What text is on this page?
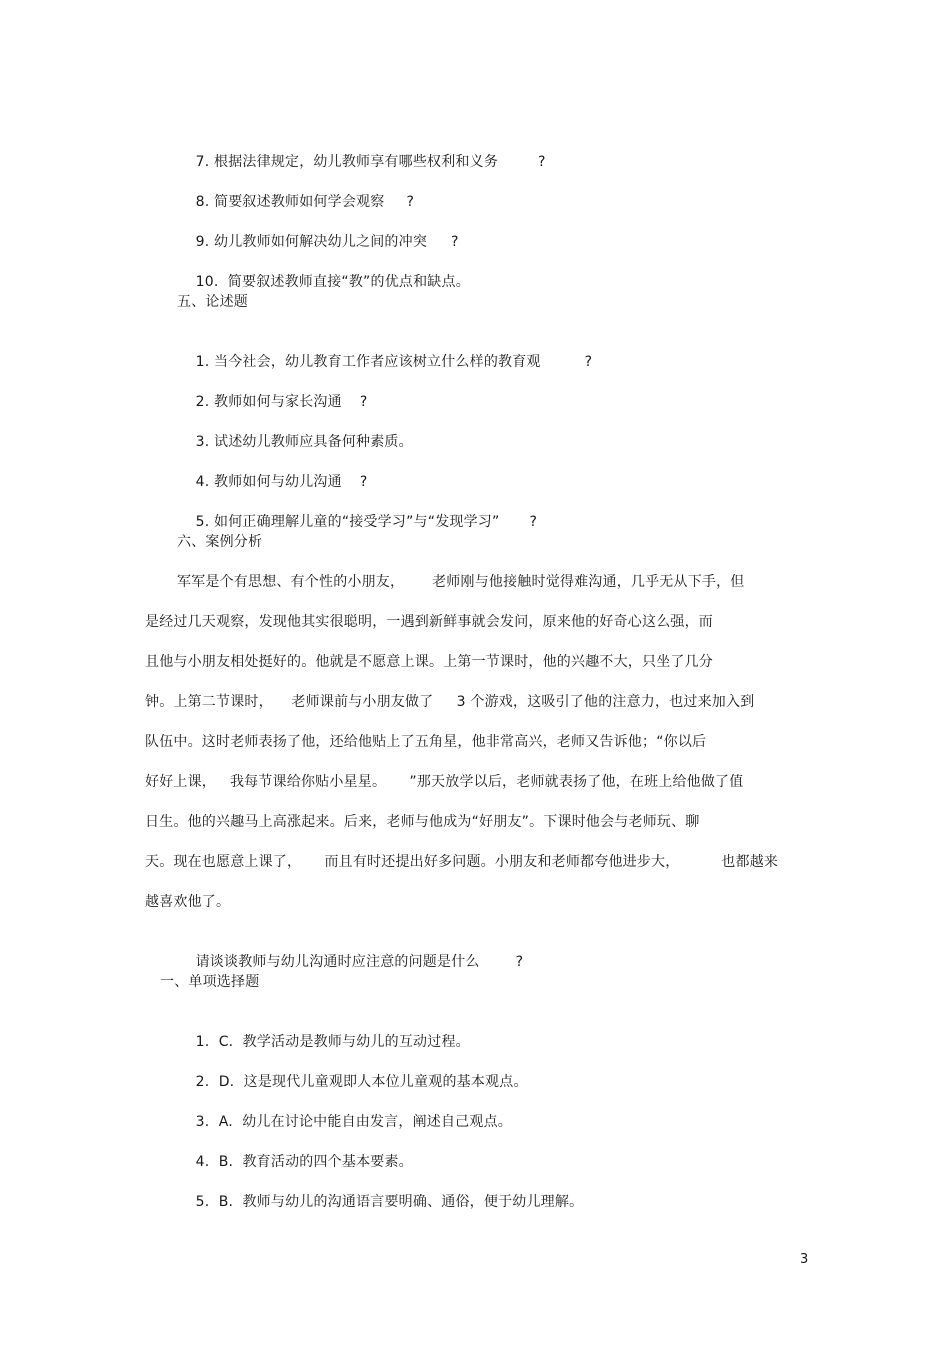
7. 根据法律规定，幼儿教师享有哪些权利和义务	?

8. 简要叙述教师如何学会观察 ?

9. 幼儿教师如何解决幼儿之间的冲突 ?

10. 简要叙述教师直接“教”的优点和缺点。

五、论述题

1. 当今社会，幼儿教育工作者应该树立什么样的教育观	?

2. 教师如何与家长沟通 ?

3. 试述幼儿教师应具备何种素质。

4. 教师如何与幼儿沟通 ?

5. 如何正确理解儿童的“接受学习”与“发现学习” ?

六、案例分析
军军是个有思想、有个性的小朋友，      老师刚与他接触时觉得难沟通，几乎无从下手，但
是经过几天观察，发现他其实很聪明，一遇到新鲜事就会发问，原来他的好奇心这么强，而
且他与小朋友相处挺好的。他就是不愿意上课。上第一节课时，他的兴趣不大，只坐了几分
钟。上第二节课时，    老师课前与小朋友做了     3 个游戏，这吸引了他的注意力，也过来加入到
队伍中。这时老师表扬了他，还给他贴上了五角星，他非常高兴，老师又告诉他；“你以后
好好上课，   我每节课给你贴小星星。     ”那天放学以后，老师就表扬了他，在班上给他做了值
日生。他的兴趣马上高涨起来。后来，老师与他成为“好朋友”。下课时他会与老师玩、聊
天。现在也愿意上课了，     而且有时还提出好多问题。小朋友和老师都夸他进步大，         也都越来
越喜欢他了。

请谈谈教师与幼儿沟通时应注意的问题是什么	?

一、单项选择题

1. C. 教学活动是教师与幼儿的互动过程。

2. D. 这是现代儿童观即人本位儿童观的基本观点。

3. A. 幼儿在讨论中能自由发言，阐述自己观点。

4. B. 教育活动的四个基本要素。

5. B. 教师与幼儿的沟通语言要明确、通俗，便于幼儿理解。

3
